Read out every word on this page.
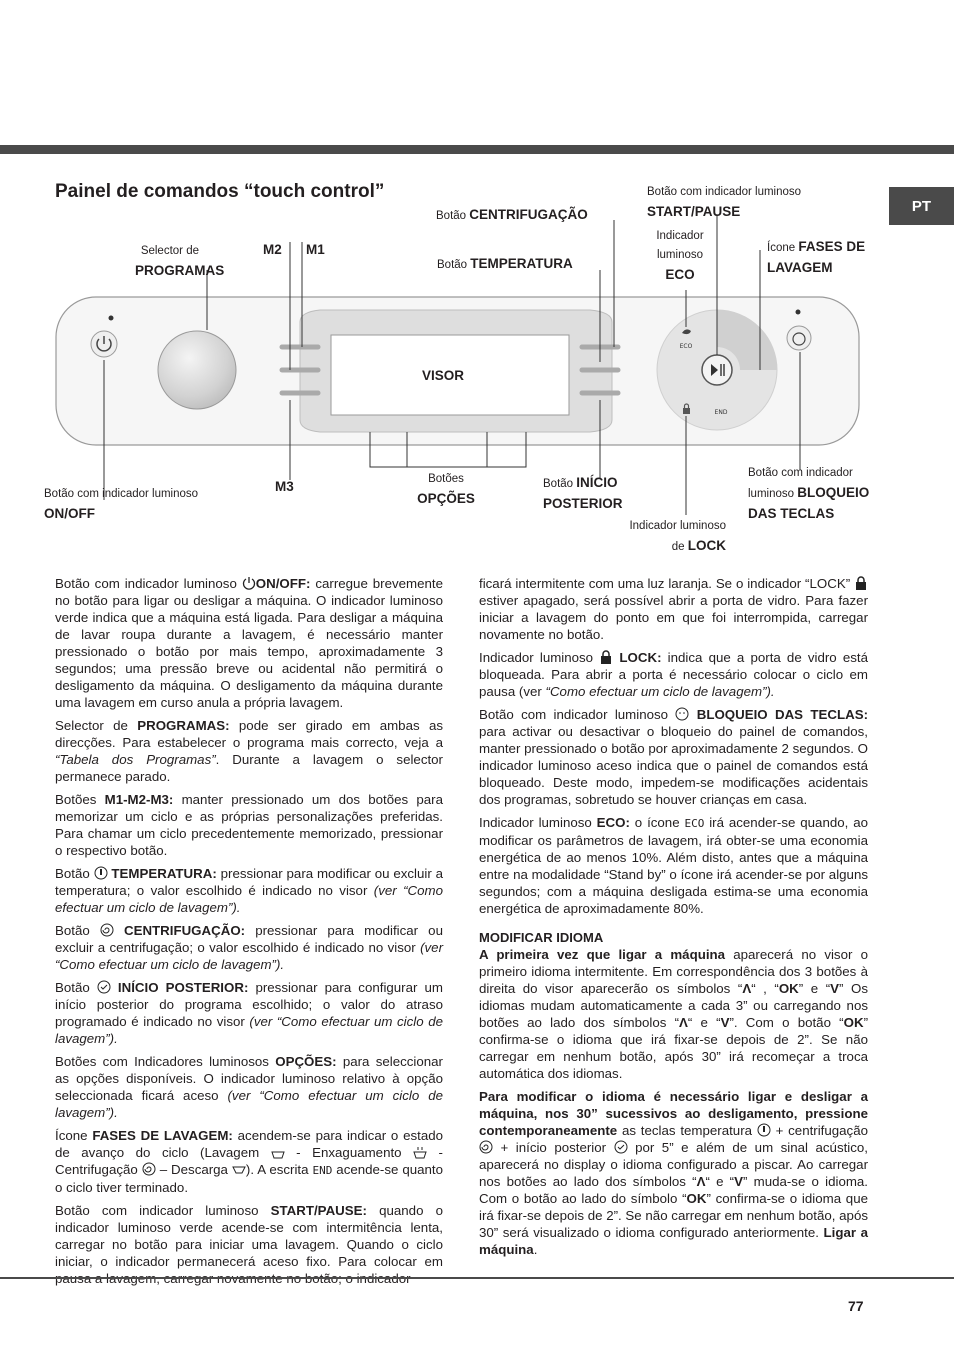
PT
Painel de comandos “touch control”
ECO
END
Selector de
PROGRAMAS
M2 M1
Botão CENTRIFUGAÇÃO
Botão TEMPERATURA
Botão com indicador luminoso
START/PAUSE
Indicador
luminoso
ECO
Ícone FASES DE
LAVAGEM
VISOR
Botão com indicador luminoso
ON/OFF
M3	Botões
OPÇÕES
Botão INÍCIO
POSTERIOR
Botão com indicador
luminoso BLOQUEIO
DAS TECLAS
Indicador luminoso
de LOCK

Botão com indicador luminoso ON/OFF: carregue brevemente no botão para ligar ou desligar a máquina. O indicador luminoso verde indica que a máquina está ligada. Para desligar a máquina de lavar roupa durante a lavagem, é necessário manter pressionado o botão por mais tempo, aproximadamente 3 segundos; uma pressão breve ou acidental não permitirá o desligamento da máquina. O desligamento da máquina durante uma lavagem em curso anula a própria lavagem.

Selector de PROGRAMAS: pode ser girado em ambas as direcções. Para estabelecer o programa mais correcto, veja a “Tabela dos Programas”. Durante a lavagem o selector permanece parado.

Botões M1-M2-M3: manter pressionado um dos botões para memorizar um ciclo e as próprias personalizações preferidas. Para chamar um ciclo precedentemente memorizado, pressionar o respectivo botão.

Botão  TEMPERATURA: pressionar para modificar ou excluir a temperatura; o valor escolhido é indicado no visor (ver “Como efectuar um ciclo de lavagem”).

Botão  CENTRIFUGAÇÃO: pressionar para modificar ou excluir a centrifugação; o valor escolhido é indicado no visor (ver “Como efectuar um ciclo de lavagem”).

Botão  INÍCIO POSTERIOR: pressionar para configurar um início posterior do programa escolhido; o valor do atraso programado é indicado no visor (ver “Como efectuar um ciclo de lavagem”).

Botões com Indicadores luminosos OPÇÕES: para seleccionar as opções disponíveis. O indicador luminoso relativo à opção seleccionada ficará aceso (ver “Como efectuar um ciclo de lavagem”).

Ícone FASES DE LAVAGEM: acendem-se para indicar o estado de avanço do ciclo (Lavagem  - Enxaguamento  - Centrifugação  – Descarga ). A escrita END acende-se quanto o ciclo tiver terminado.

Botão com indicador luminoso START/PAUSE: quando o indicador luminoso verde acende-se com intermitência lenta, carregar no botão para iniciar uma lavagem. Quando o ciclo iniciar, o indicador permanecerá aceso fixo. Para colocar em

ficará intermitente com uma luz laranja. Se o indicador “LOCK”  estiver apagado, será possível abrir a porta de vidro. Para fazer iniciar a lavagem do ponto em que foi interrompida, carregar novamente no botão.

Indicador luminoso  LOCK: indica que a porta de vidro está bloqueada. Para abrir a porta é necessário colocar o ciclo em pausa (ver “Como efectuar um ciclo de lavagem”).

Botão com indicador luminoso  BLOQUEIO DAS TECLAS: para activar ou desactivar o bloqueio do painel de comandos, manter pressionado o botão por aproximadamente 2 segundos. O indicador luminoso aceso indica que o painel de comandos está bloqueado. Deste modo, impedem-se modificações acidentais dos programas, sobretudo se houver crianças em casa.

Indicador luminoso ECO: o ícone ECO irá acender-se quando, ao modificar os parâmetros de lavagem, irá obter-se uma economia energética de ao menos 10%. Além disto, antes que a máquina entre na modalidade “Stand by” o ícone irá acender-se por alguns segundos; com a máquina desligada estima-se uma economia energética de aproximadamente 80%.

MODIFICAR IDIOMA

A primeira vez que ligar a máquina aparecerá no visor o primeiro idioma intermitente. Em correspondência dos 3 botões à direita do visor aparecerão os símbolos “Λ“ , “OK” e “V” Os idiomas mudam automaticamente a cada 3” ou carregando nos botões ao lado dos símbolos “Λ“ e “V”. Com o botão “OK” confirma-se o idioma que irá fixar-se depois de 2”. Se não carregar em nenhum botão, após 30” irá recomeçar a troca automática dos idiomas.

Para modificar o idioma é necessário ligar e desligar a máquina, nos 30” sucessivos ao desligamento, pressione contemporaneamente as teclas temperatura  + centrifugação  + início posterior  por 5” e além de um sinal acústico, aparecerá no display o idioma configurado a piscar. Ao carregar nos botões ao lado dos símbolos “Λ“ e “V” muda-se o idioma. Com o botão ao lado do símbolo “OK” confirma-se o idioma que irá fixar-se depois de 2”. Se não carregar em nenhum botão, após 30” será visualizado o idioma configurado anteriormente. Ligar a máquina.

77
